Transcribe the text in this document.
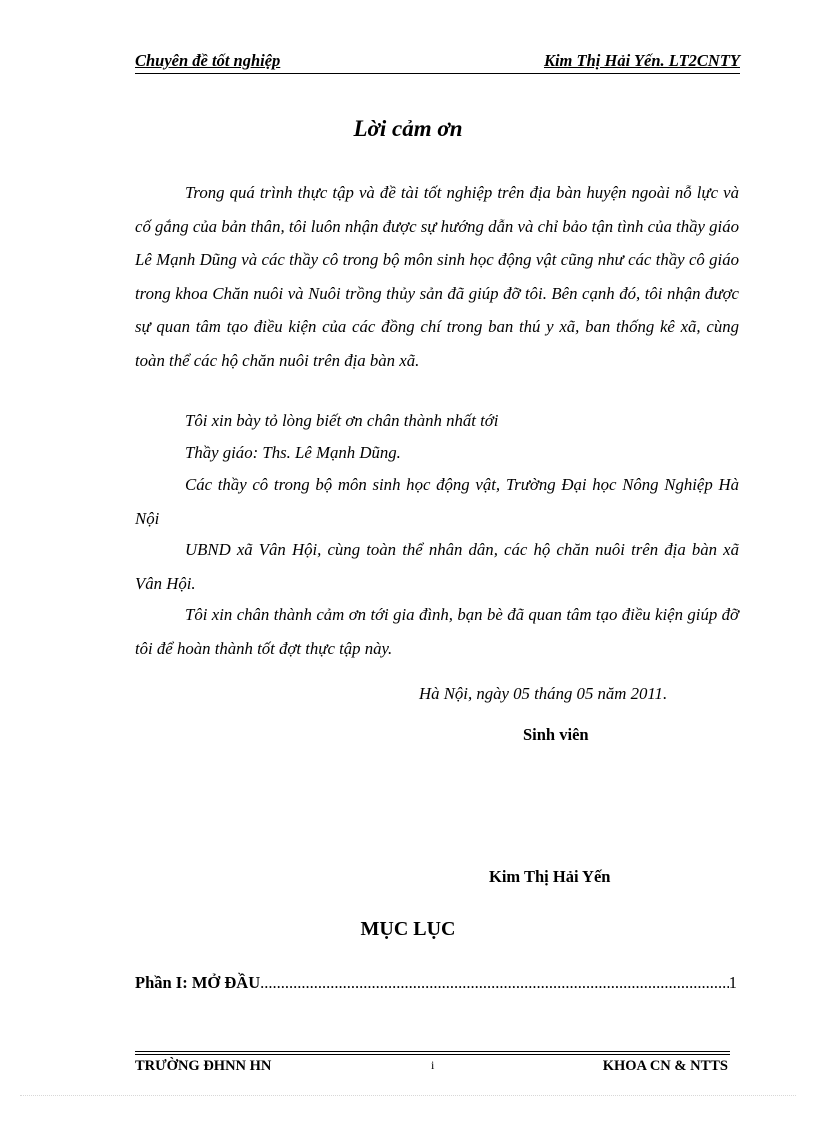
Chuyên đề tốt nghiệp	Kim Thị Hải Yến. LT2CNTY
Lời cảm ơn

Trong quá trình thực tập và đề tài tốt nghiệp trên địa bàn huyện ngoài nỗ lực và cố gắng của bản thân, tôi luôn nhận được sự hướng dẫn và chỉ bảo tận tình của thầy giáo Lê Mạnh Dũng và các thầy cô trong bộ môn sinh học động vật cũng như các thầy cô giáo trong khoa Chăn nuôi và Nuôi trồng thủy sản đã giúp đỡ tôi. Bên cạnh đó, tôi nhận được sự quan tâm tạo điều kiện của các đồng chí trong ban thú y xã, ban thống kê xã, cùng toàn thể các hộ chăn nuôi trên địa bàn xã.

Tôi xin bày tỏ lòng biết ơn chân thành nhất tới

Thầy giáo: Ths. Lê Mạnh Dũng.

Các thầy cô trong bộ môn sinh học động vật, Trường Đại học Nông Nghiệp Hà Nội

UBND xã Vân Hội, cùng toàn thể nhân dân, các hộ chăn nuôi trên địa bàn xã Vân Hội.

Tôi xin chân thành cảm ơn tới gia đình, bạn bè đã quan tâm tạo điều kiện giúp đỡ tôi để hoàn thành tốt đợt thực tập này.

Hà Nội, ngày 05 tháng 05 năm 2011.
Sinh viên
Kim Thị Hải Yến
MỤC LỤC
Phần I: MỞ ĐẦU
.....	1
TRƯỜNG ĐHNN HN	i	KHOA CN & NTTS
